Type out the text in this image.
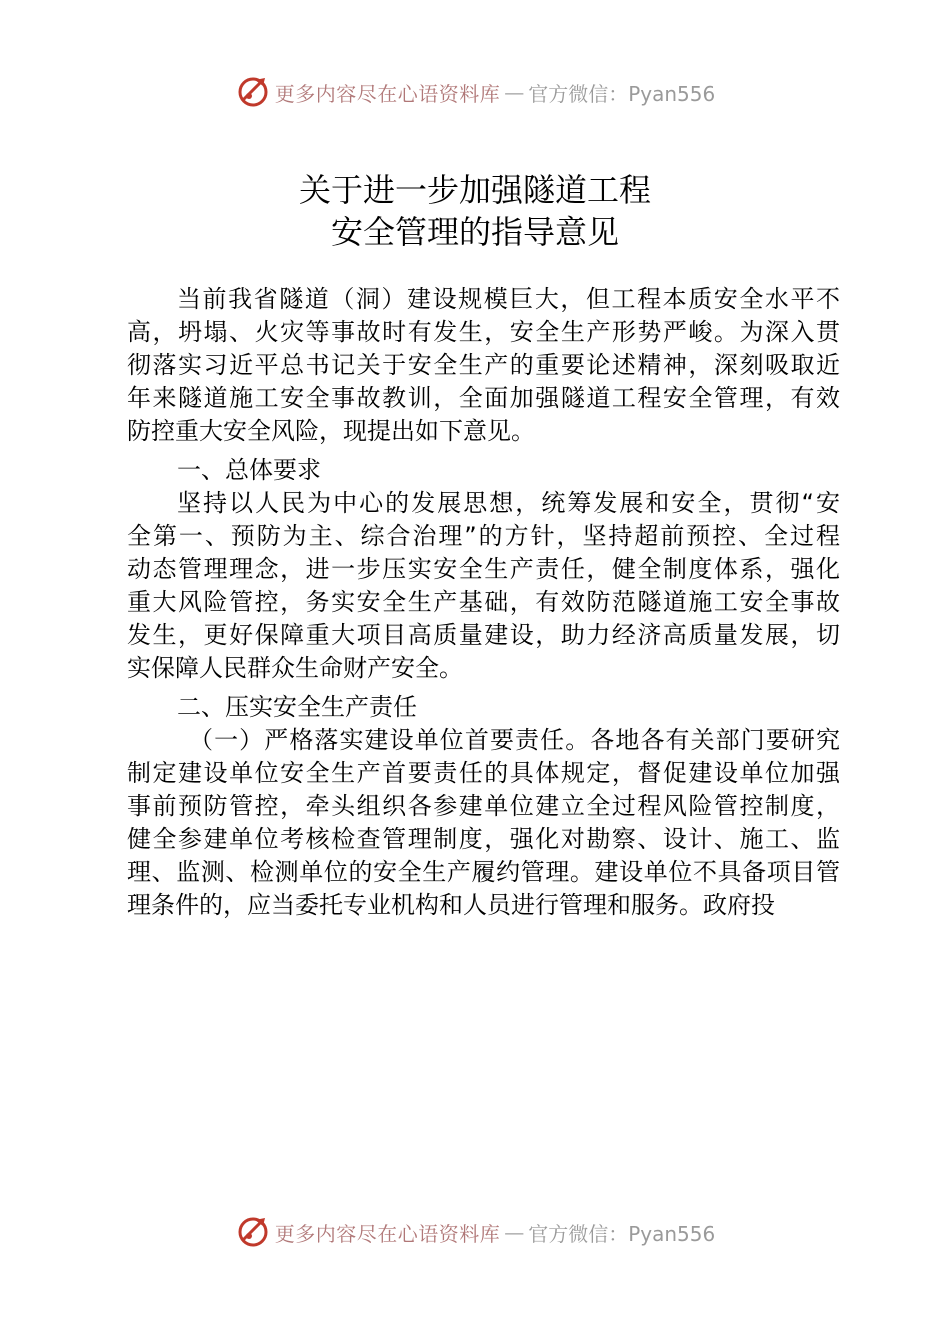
更多内容尽在心语资料库 — 官方微信：Pyan556
关于进一步加强隧道工程
安全管理的指导意见
当前我省隧道（洞）建设规模巨大，但工程本质安全水平不
高，坍塌、火灾等事故时有发生，安全生产形势严峻。为深入贯
彻落实习近平总书记关于安全生产的重要论述精神，深刻吸取近
年来隧道施工安全事故教训，全面加强隧道工程安全管理，有效
防控重大安全风险，现提出如下意见。
一、总体要求
坚持以人民为中心的发展思想，统筹发展和安全，贯彻“安
全第一、预防为主、综合治理”的方针，坚持超前预控、全过程
动态管理理念，进一步压实安全生产责任，健全制度体系，强化
重大风险管控，务实安全生产基础，有效防范隧道施工安全事故
发生，更好保障重大项目高质量建设，助力经济高质量发展，切
实保障人民群众生命财产安全。
二、压实安全生产责任
（一）严格落实建设单位首要责任。各地各有关部门要研究
制定建设单位安全生产首要责任的具体规定，督促建设单位加强
事前预防管控，牵头组织各参建单位建立全过程风险管控制度，
健全参建单位考核检查管理制度，强化对勘察、设计、施工、监
理、监测、检测单位的安全生产履约管理。建设单位不具备项目管
理条件的，应当委托专业机构和人员进行管理和服务。政府投
更多内容尽在心语资料库 — 官方微信：Pyan556
